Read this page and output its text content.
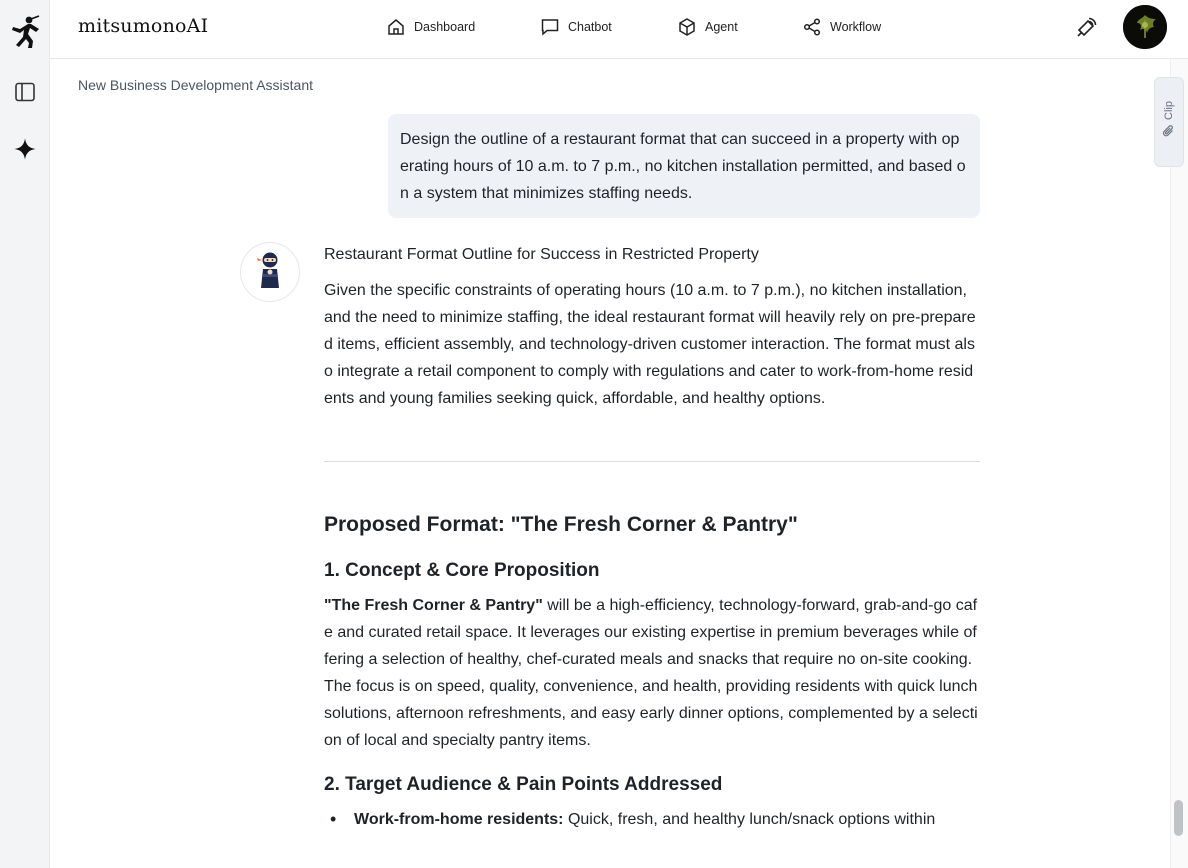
mitsumonoAI	Dashboard	Chatbot	Agent	Workflow
New Business Development Assistant
Design the outline of a restaurant format that can succeed in a property with operating hours of 10 a.m. to 7 p.m., no kitchen installation permitted, and based on a system that minimizes staffing needs.
Restaurant Format Outline for Success in Restricted Property

Given the specific constraints of operating hours (10 a.m. to 7 p.m.), no kitchen installation, and the need to minimize staffing, the ideal restaurant format will heavily rely on pre-prepared items, efficient assembly, and technology-driven customer interaction. The format must also integrate a retail component to comply with regulations and cater to work-from-home residents and young families seeking quick, affordable, and healthy options.

Proposed Format: "The Fresh Corner & Pantry"
1. Concept & Core Proposition

"The Fresh Corner & Pantry" will be a high-efficiency, technology-forward, grab-and-go cafe and curated retail space. It leverages our existing expertise in premium beverages while offering a selection of healthy, chef-curated meals and snacks that require no on-site cooking. The focus is on speed, quality, convenience, and health, providing residents with quick lunch solutions, afternoon refreshments, and easy early dinner options, complemented by a selection of local and specialty pantry items.

2. Target Audience & Pain Points Addressed
• Work-from-home residents: Quick, fresh, and healthy lunch/snack options within
Clip
